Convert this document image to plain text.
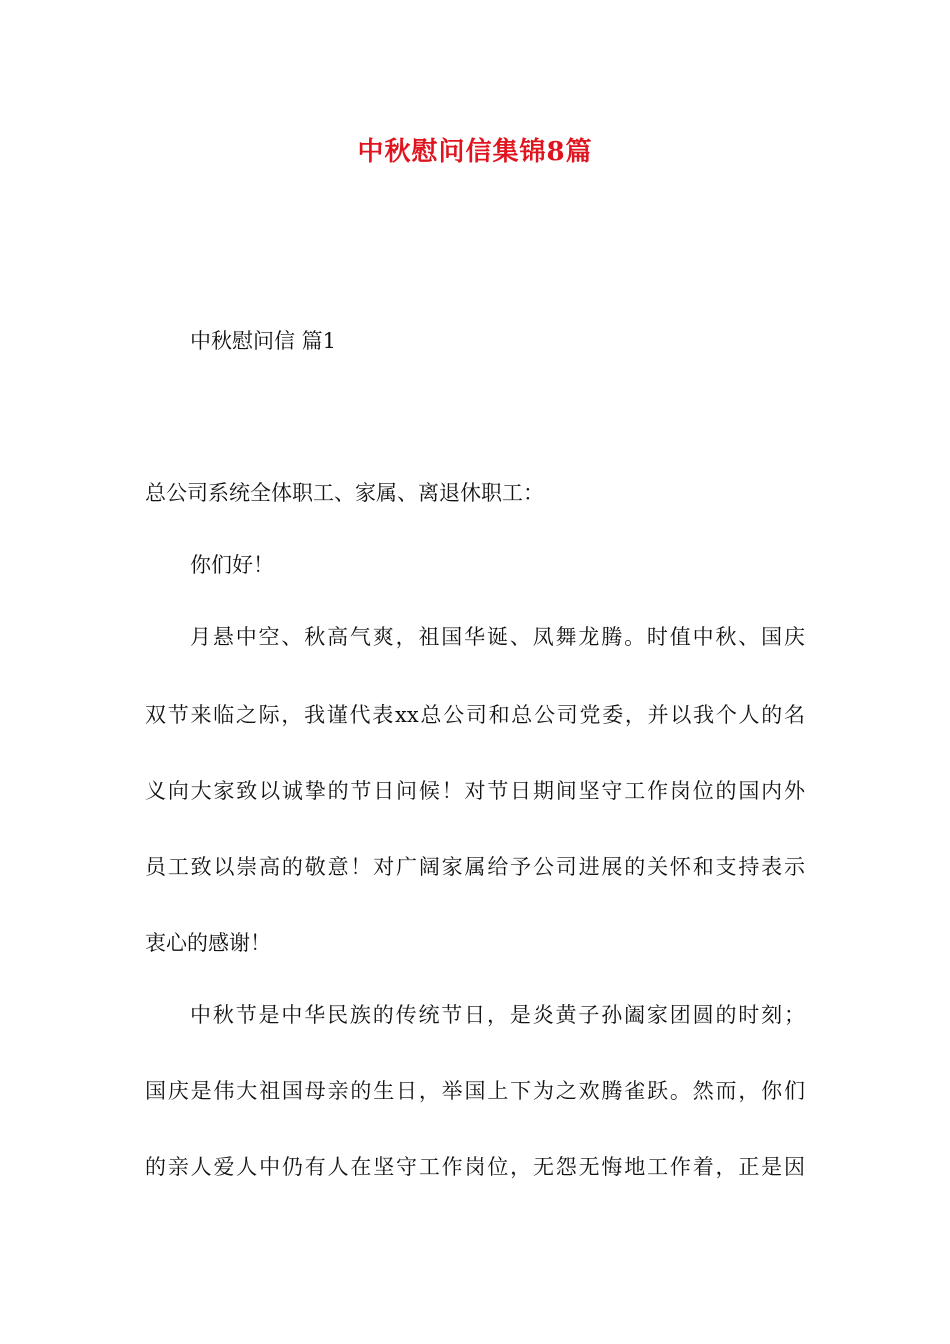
中秋慰问信集锦8篇
中秋慰问信 篇1
总公司系统全体职工、家属、离退休职工：
你们好！
月悬中空、秋高气爽，祖国华诞、凤舞龙腾。时值中秋、国庆
双节来临之际，我谨代表xx总公司和总公司党委，并以我个人的名
义向大家致以诚挚的节日问候！对节日期间坚守工作岗位的国内外
员工致以崇高的敬意！对广阔家属给予公司进展的关怀和支持表示
衷心的感谢！
中秋节是中华民族的传统节日，是炎黄子孙阖家团圆的时刻；
国庆是伟大祖国母亲的生日，举国上下为之欢腾雀跃。然而，你们
的亲人爱人中仍有人在坚守工作岗位，无怨无悔地工作着，正是因
